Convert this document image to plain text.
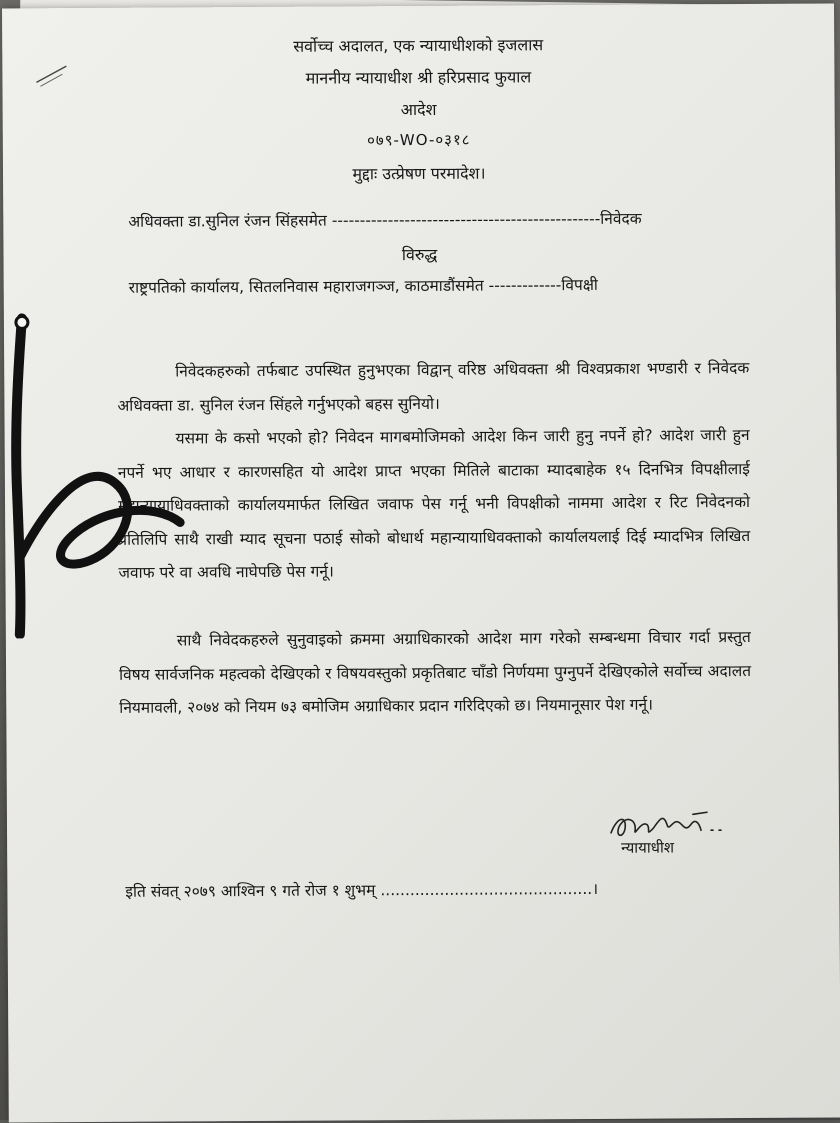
सर्वोच्च अदालत, एक न्यायाधीशको इजलास
माननीय न्यायाधीश श्री हरिप्रसाद फुयाल
आदेश
०७९-WO-०३१८
मुद्दाः उत्प्रेषण परमादेश।
अधिवक्ता डा.सुनिल रंजन सिंहसमेत ------------------------------------------------निवेदक
विरुद्ध
राष्ट्रपतिको कार्यालय, सितलनिवास महाराजगञ्ज, काठमाडौंसमेत -------------विपक्षी
निवेदकहरुको तर्फबाट उपस्थित हुनुभएका विद्वान् वरिष्ठ अधिवक्ता श्री विश्वप्रकाश भण्डारी र निवेदक अधिवक्ता डा. सुनिल रंजन सिंहले गर्नुभएको बहस सुनियो।
यसमा के कसो भएको हो? निवेदन मागबमोजिमको आदेश किन जारी हुनु नपर्ने हो? आदेश जारी हुन नपर्ने भए आधार र कारणसहित यो आदेश प्राप्त भएका मितिले बाटाका म्यादबाहेक १५ दिनभित्र विपक्षीलाई महान्यायाधिवक्ताको कार्यालयमार्फत लिखित जवाफ पेस गर्नू भनी विपक्षीको नाममा आदेश र रिट निवेदनको प्रतिलिपि साथै राखी म्याद सूचना पठाई सोको बोधार्थ महान्यायाधिवक्ताको कार्यालयलाई दिई म्यादभित्र लिखित जवाफ परे वा अवधि नाघेपछि पेस गर्नू।
साथै निवेदकहरुले सुनुवाइको क्रममा अग्राधिकारको आदेश माग गरेको सम्बन्धमा विचार गर्दा प्रस्तुत विषय सार्वजनिक महत्वको देखिएको र विषयवस्तुको प्रकृतिबाट चाँडो निर्णयमा पुग्नुपर्ने देखिएकोले सर्वोच्च अदालत नियमावली, २०७४ को नियम ७३ बमोजिम अग्राधिकार प्रदान गरिदिएको छ। नियमानूसार पेश गर्नू।
न्यायाधीश
इति संवत् २०७९ आश्विन ९ गते रोज १ शुभम् ...........................................।
